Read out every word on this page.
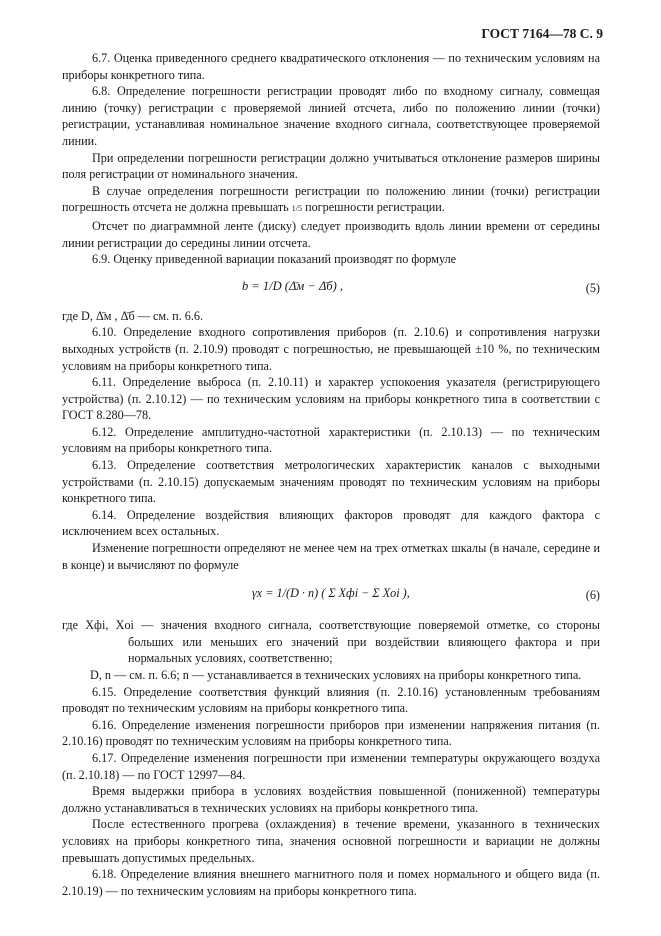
ГОСТ 7164—78 С. 9

6.7. Оценка приведенного среднего квадратического отклонения — по техническим условиям на приборы конкретного типа.

6.8. Определение погрешности регистрации проводят либо по входному сигналу, совмещая линию (точку) регистрации с проверяемой линией отсчета, либо по положению линии (точки) регистрации, устанавливая номинальное значение входного сигнала, соответствующее проверяемой линии.

При определении погрешности регистрации должно учитываться отклонение размеров ширины поля регистрации от номинального значения.

В случае определения погрешности регистрации по положению линии (точки) регистрации погрешность отсчета не должна превышать 1/5 погрешности регистрации.

Отсчет по диаграммной ленте (диску) следует производить вдоль линии времени от середины линии регистрации до середины линии отсчета.

6.9. Оценку приведенной вариации показаний производят по формуле

b = 1/D (Δ̄м − Δ̄б) ,	(5)

где D, Δ̄м , Δ̄б — см. п. 6.6.

6.10. Определение входного сопротивления приборов (п. 2.10.6) и сопротивления нагрузки выходных устройств (п. 2.10.9) проводят с погрешностью, не превышающей ±10 %, по техническим условиям на приборы конкретного типа.

6.11. Определение выброса (п. 2.10.11) и характер успокоения указателя (регистрирующего устройства) (п. 2.10.12) — по техническим условиям на приборы конкретного типа в соответствии с ГОСТ 8.280—78.

6.12. Определение амплитудно-частотной характеристики (п. 2.10.13) — по техническим условиям на приборы конкретного типа.

6.13. Определение соответствия метрологических характеристик каналов с выходными устройствами (п. 2.10.15) допускаемым значениям проводят по техническим условиям на приборы конкретного типа.

6.14. Определение воздействия влияющих факторов проводят для каждого фактора с исключением всех остальных.

Изменение погрешности определяют не менее чем на трех отметках шкалы (в начале, середине и в конце) и вычисляют по формуле

γx = 1/(D · n) ( Σ Xфi − Σ Xоi ),	(6)

где Xфi, Xоi — значения входного сигнала, соответствующие поверяемой отметке, со стороны больших или меньших его значений при воздействии влияющего фактора и при нормальных условиях, соответственно;

D, n — см. п. 6.6; n — устанавливается в технических условиях на приборы конкретного типа.

6.15. Определение соответствия функций влияния (п. 2.10.16) установленным требованиям проводят по техническим условиям на приборы конкретного типа.

6.16. Определение изменения погрешности приборов при изменении напряжения питания (п. 2.10.16) проводят по техническим условиям на приборы конкретного типа.

6.17. Определение изменения погрешности при изменении температуры окружающего воздуха (п. 2.10.18) — по ГОСТ 12997—84.

Время выдержки прибора в условиях воздействия повышенной (пониженной) температуры должно устанавливаться в технических условиях на приборы конкретного типа.

После естественного прогрева (охлаждения) в течение времени, указанного в технических условиях на приборы конкретного типа, значения основной погрешности и вариации не должны превышать допустимых предельных.

6.18. Определение влияния внешнего магнитного поля и помех нормального и общего вида (п. 2.10.19) — по техническим условиям на приборы конкретного типа.
